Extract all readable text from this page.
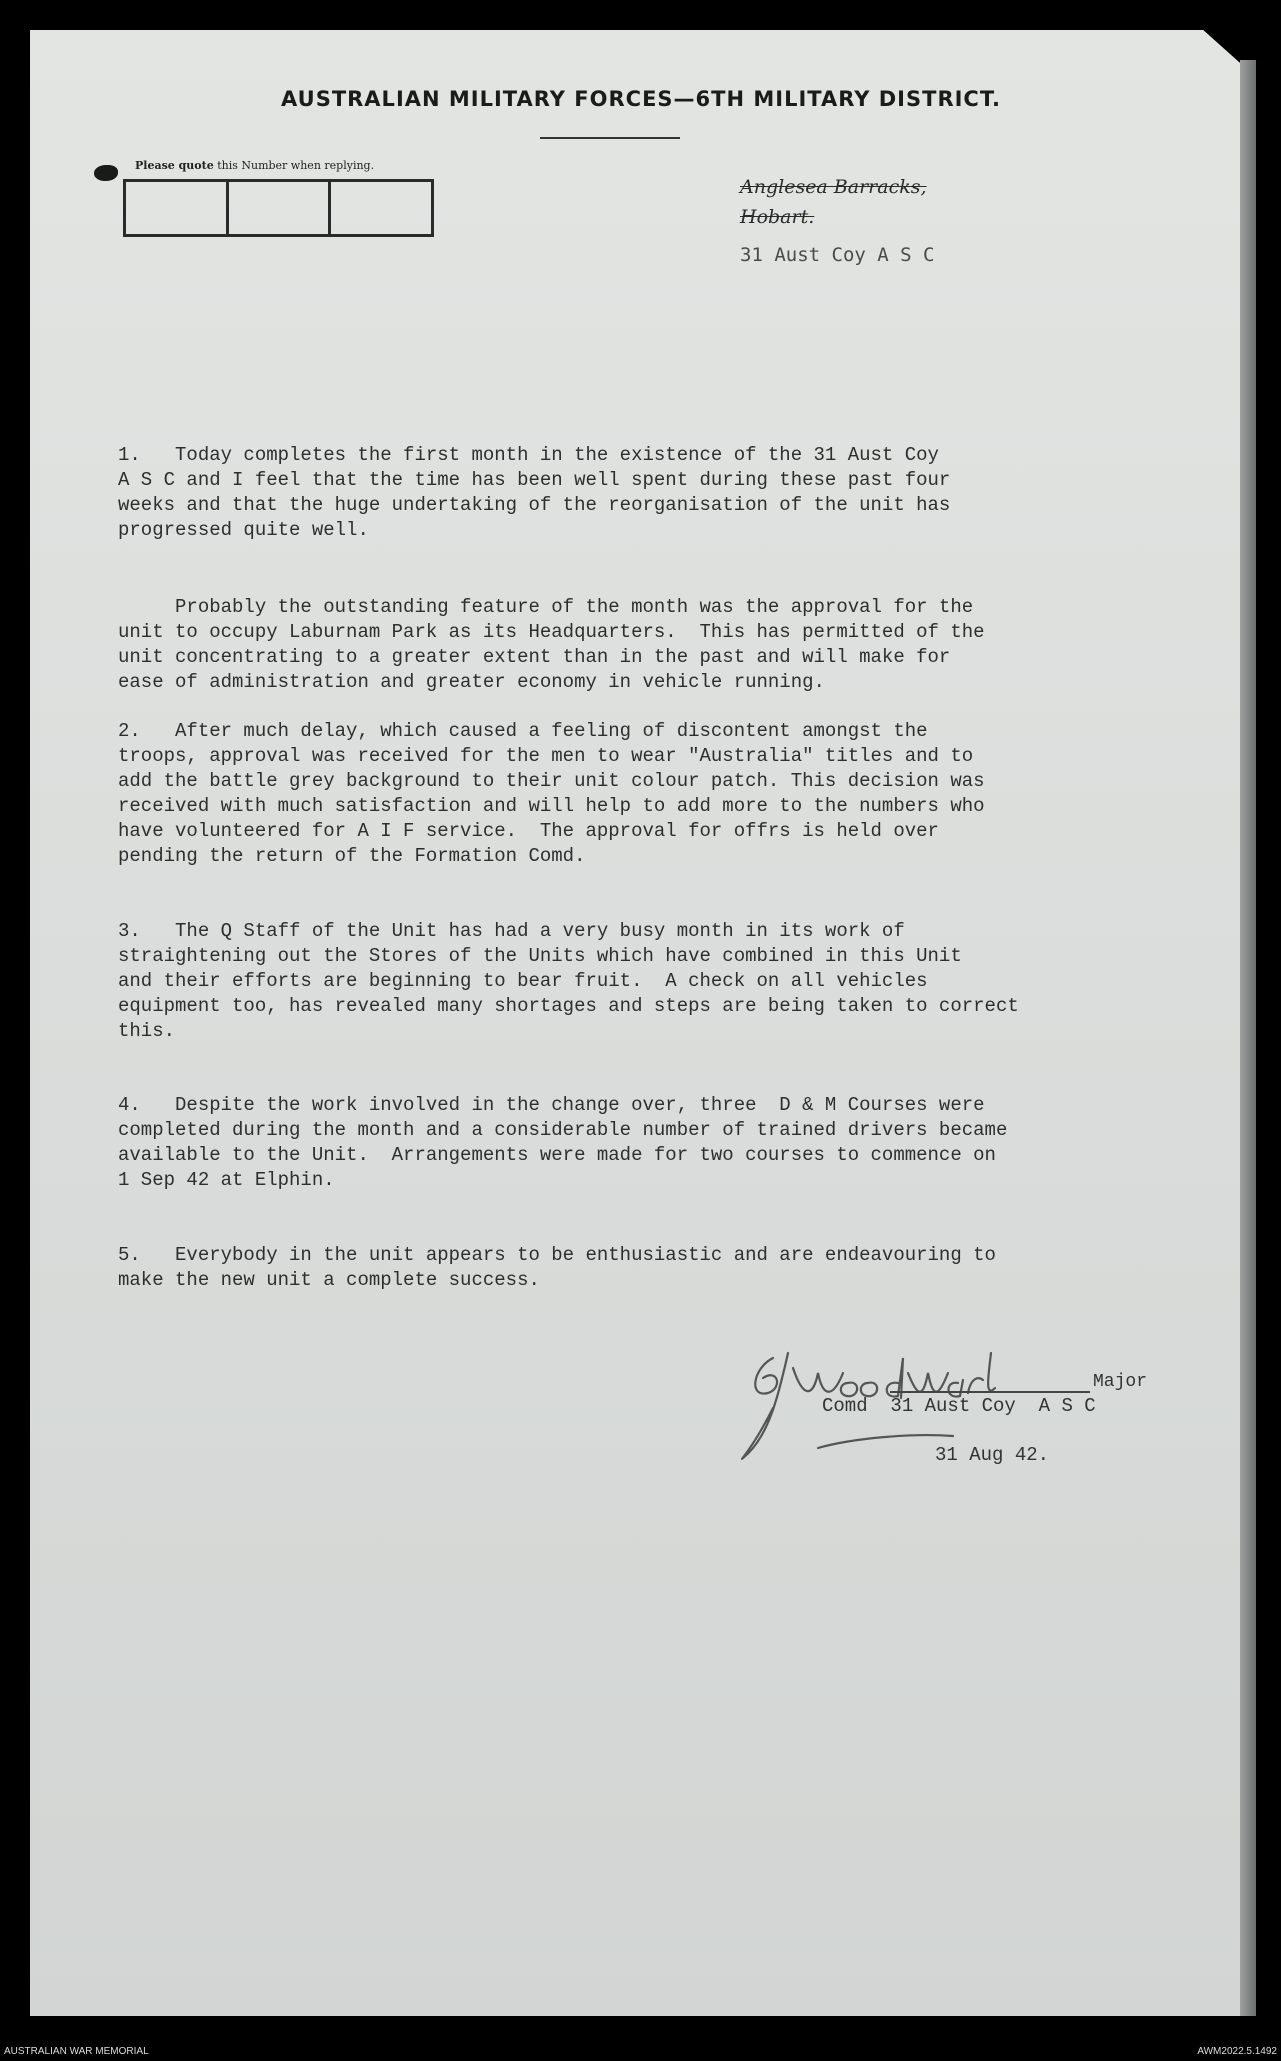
AUSTRALIAN MILITARY FORCES—6TH MILITARY DISTRICT.
Please quote this Number when replying.
Anglesea Barracks,
Hobart.
31 Aust Coy A S C

1.   Today completes the first month in the existence of the 31 Aust Coy
A S C and I feel that the time has been well spent during these past four
weeks and that the huge undertaking of the reorganisation of the unit has
progressed quite well.

Probably the outstanding feature of the month was the approval for the
unit to occupy Laburnam Park as its Headquarters.  This has permitted of the
unit concentrating to a greater extent than in the past and will make for
ease of administration and greater economy in vehicle running.

2.   After much delay, which caused a feeling of discontent amongst the
troops, approval was received for the men to wear "Australia" titles and to
add the battle grey background to their unit colour patch. This decision was
received with much satisfaction and will help to add more to the numbers who
have volunteered for A I F service.  The approval for offrs is held over
pending the return of the Formation Comd.

3.   The Q Staff of the Unit has had a very busy month in its work of
straightening out the Stores of the Units which have combined in this Unit
and their efforts are beginning to bear fruit.  A check on all vehicles
equipment too, has revealed many shortages and steps are being taken to correct
this.

4.   Despite the work involved in the change over, three  D & M Courses were
completed during the month and a considerable number of trained drivers became
available to the Unit.  Arrangements were made for two courses to commence on
1 Sep 42 at Elphin.

5.   Everybody in the unit appears to be enthusiastic and are endeavouring to
make the new unit a complete success.

Major
Comd  31 Aust Coy  A S C
31 Aug 42.
AUSTRALIAN WAR MEMORIAL	AWM2022.5.1492
